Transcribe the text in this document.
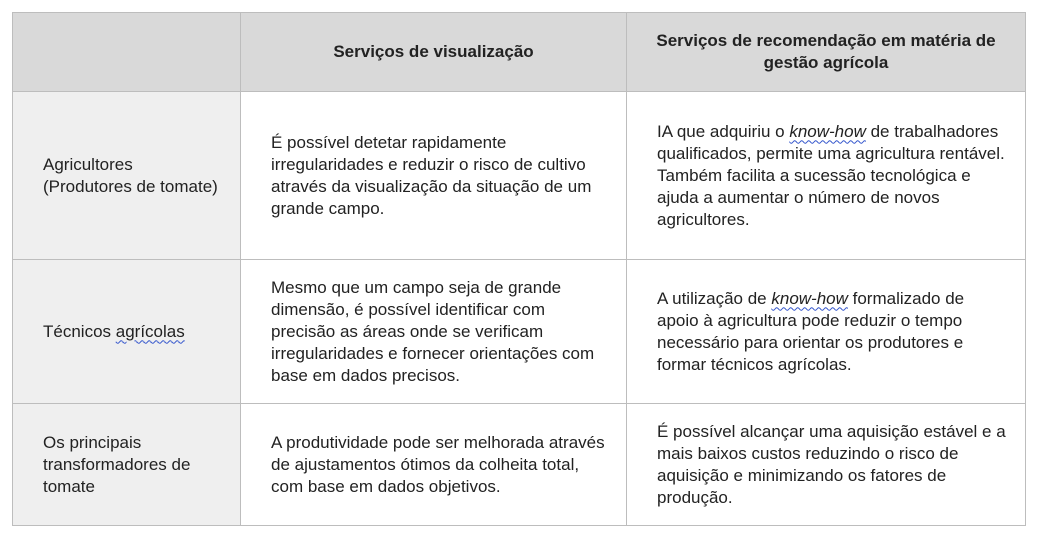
	Serviços de visualização	Serviços de recomendação em matéria de gestão agrícola

Agricultores (Produtores de tomate)	É possível detetar rapidamente irregularidades e reduzir o risco de cultivo através da visualização da situação de um grande campo.	IA que adquiriu o know-how de trabalhadores qualificados, permite uma agricultura rentável. Também facilita a sucessão tecnológica e ajuda a aumentar o número de novos agricultores.

Técnicos agrícolas	Mesmo que um campo seja de grande dimensão, é possível identificar com precisão as áreas onde se verificam irregularidades e fornecer orientações com base em dados precisos.	A utilização de know-how formalizado de apoio à agricultura pode reduzir o tempo necessário para orientar os produtores e formar técnicos agrícolas.

Os principais transformadores de tomate	A produtividade pode ser melhorada através de ajustamentos ótimos da colheita total, com base em dados objetivos.	É possível alcançar uma aquisição estável e a mais baixos custos reduzindo o risco de aquisição e minimizando os fatores de produção.
